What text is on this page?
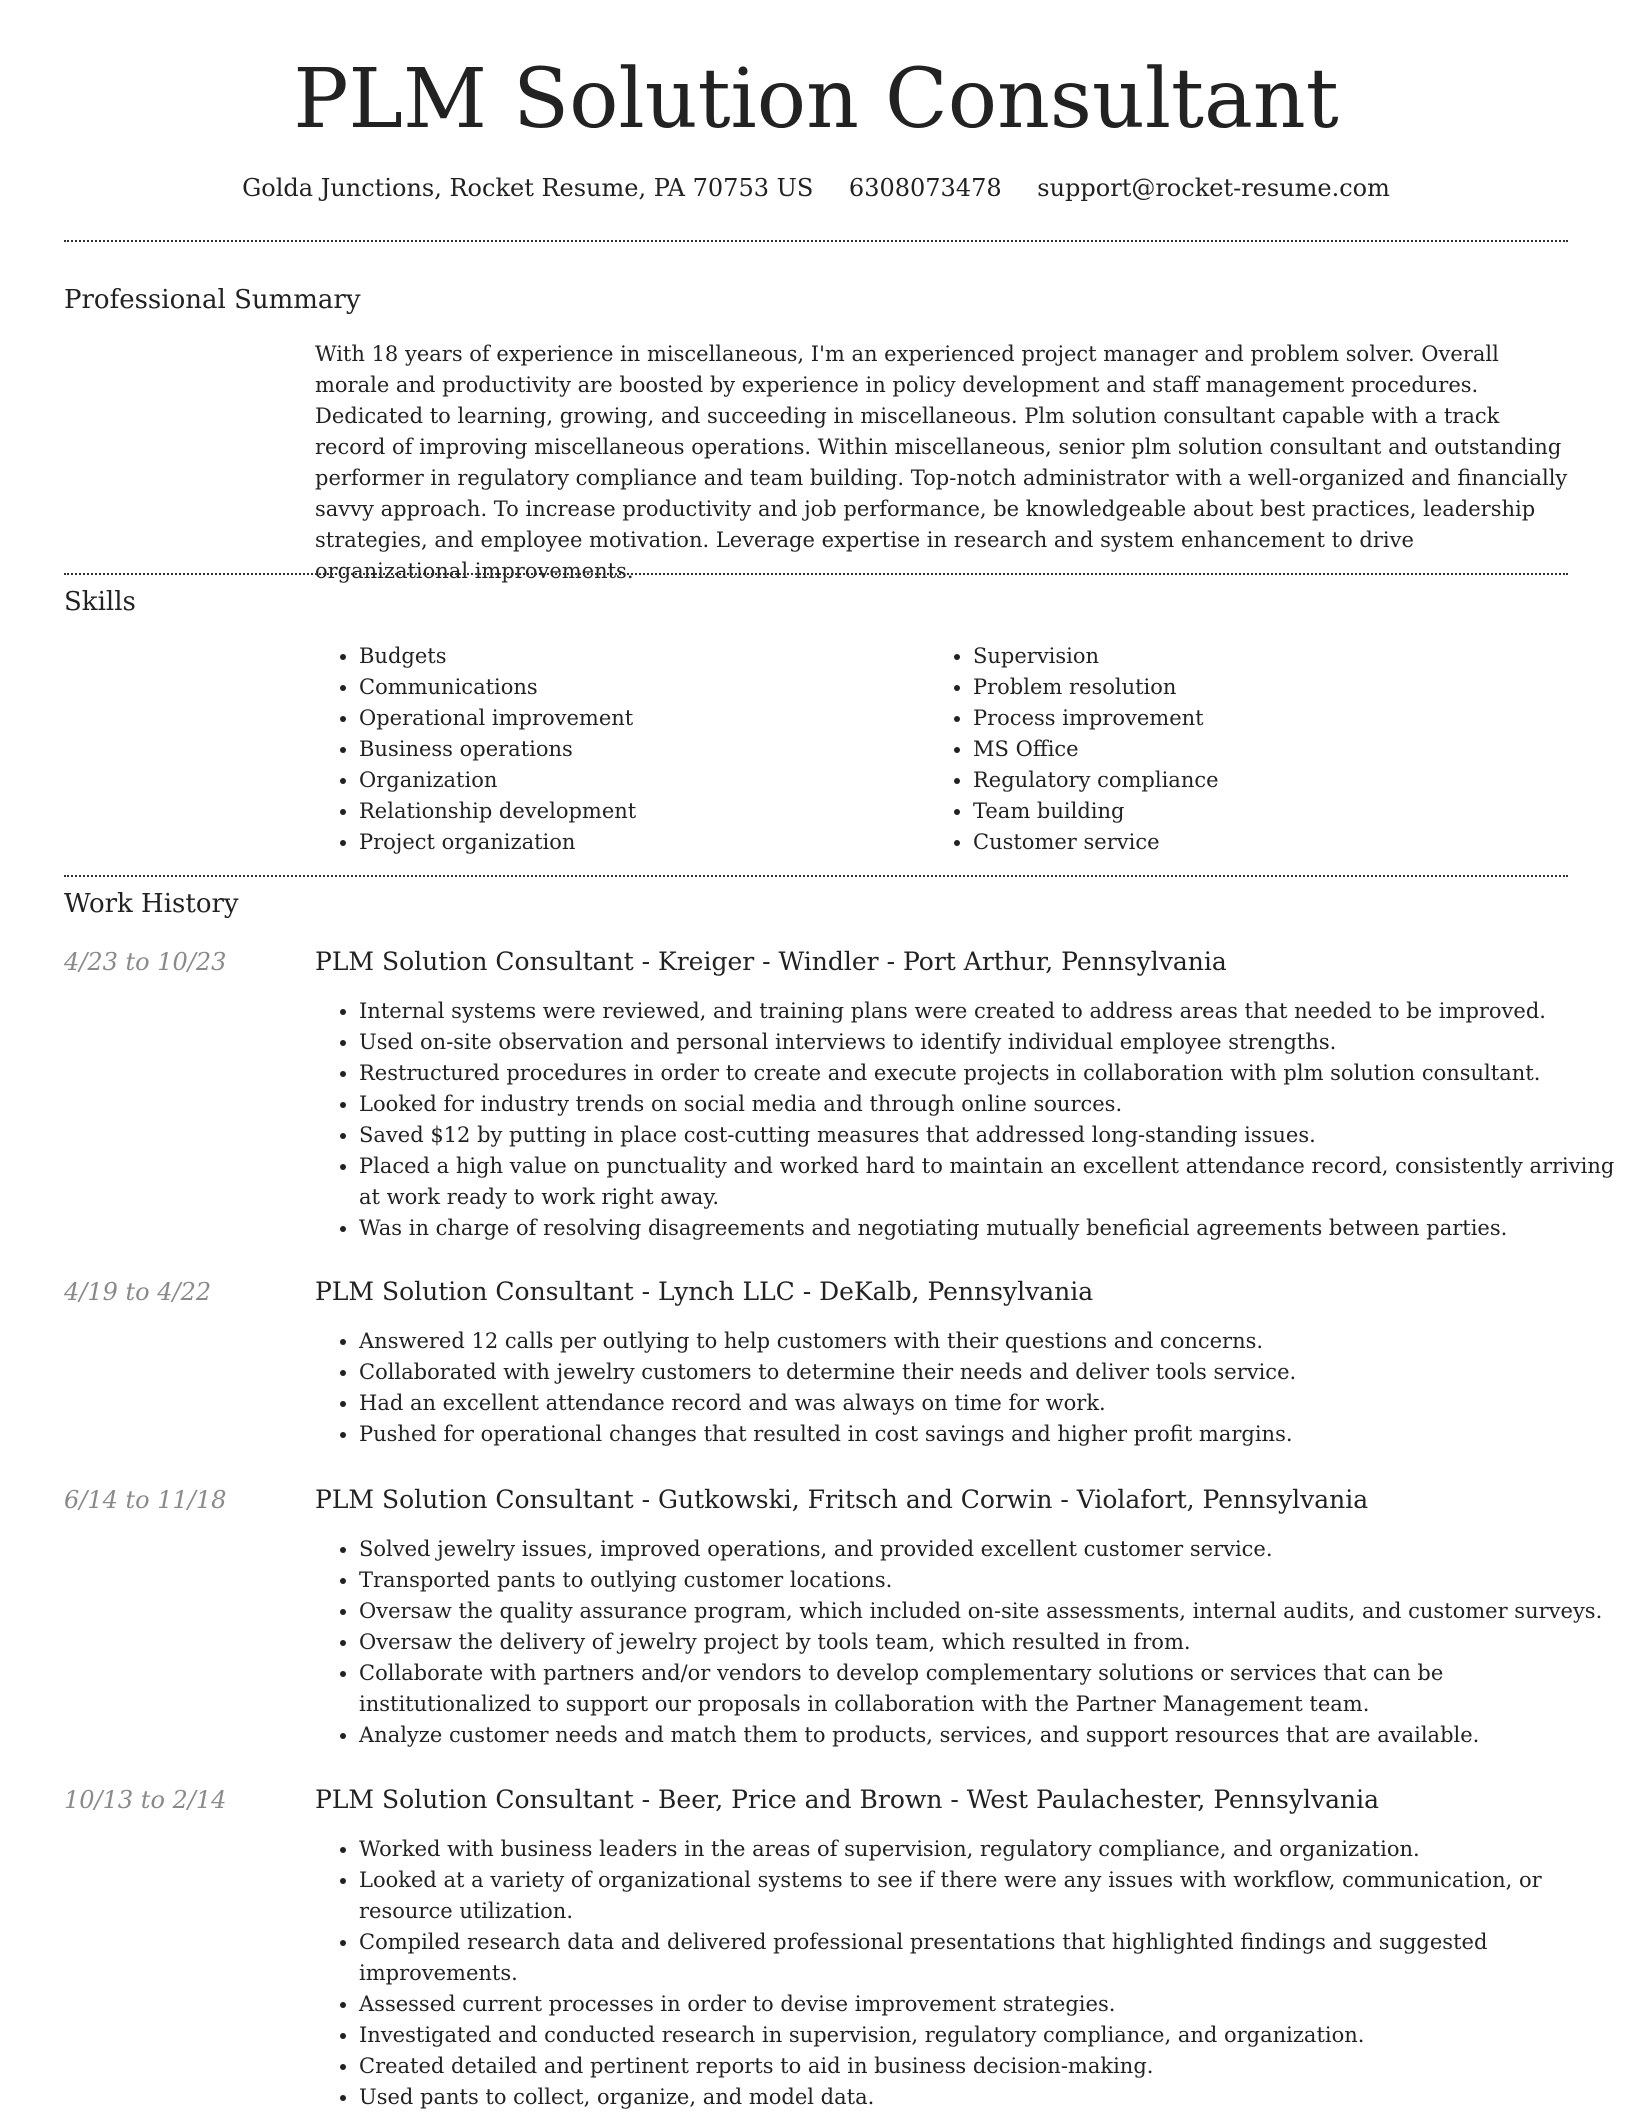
PLM Solution Consultant
Golda Junctions, Rocket Resume, PA 70753 US 6308073478 support@rocket-resume.com
Professional Summary

With 18 years of experience in miscellaneous, I'm an experienced project manager and problem solver. Overall morale and productivity are boosted by experience in policy development and staff management procedures. Dedicated to learning, growing, and succeeding in miscellaneous. Plm solution consultant capable with a track record of improving miscellaneous operations. Within miscellaneous, senior plm solution consultant and outstanding performer in regulatory compliance and team building. Top-notch administrator with a well-organized and financially savvy approach. To increase productivity and job performance, be knowledgeable about best practices, leadership strategies, and employee motivation. Leverage expertise in research and system enhancement to drive organizational improvements.

Skills
• Budgets
• Communications
• Operational improvement
• Business operations
• Organization
• Relationship development
• Project organization
• Supervision
• Problem resolution
• Process improvement
• MS Office
• Regulatory compliance
• Team building
• Customer service
Work History
4/23 to 10/23	PLM Solution Consultant - Kreiger - Windler - Port Arthur, Pennsylvania
• Internal systems were reviewed, and training plans were created to address areas that needed to be improved.
• Used on-site observation and personal interviews to identify individual employee strengths.
• Restructured procedures in order to create and execute projects in collaboration with plm solution consultant.
• Looked for industry trends on social media and through online sources.
• Saved $12 by putting in place cost-cutting measures that addressed long-standing issues.
• Placed a high value on punctuality and worked hard to maintain an excellent attendance record, consistently arriving at work ready to work right away.
• Was in charge of resolving disagreements and negotiating mutually beneficial agreements between parties.
4/19 to 4/22	PLM Solution Consultant - Lynch LLC - DeKalb, Pennsylvania
• Answered 12 calls per outlying to help customers with their questions and concerns.
• Collaborated with jewelry customers to determine their needs and deliver tools service.
• Had an excellent attendance record and was always on time for work.
• Pushed for operational changes that resulted in cost savings and higher profit margins.
6/14 to 11/18	PLM Solution Consultant - Gutkowski, Fritsch and Corwin - Violafort, Pennsylvania
• Solved jewelry issues, improved operations, and provided excellent customer service.
• Transported pants to outlying customer locations.
• Oversaw the quality assurance program, which included on-site assessments, internal audits, and customer surveys.
• Oversaw the delivery of jewelry project by tools team, which resulted in from.
• Collaborate with partners and/or vendors to develop complementary solutions or services that can be institutionalized to support our proposals in collaboration with the Partner Management team.
• Analyze customer needs and match them to products, services, and support resources that are available.
10/13 to 2/14	PLM Solution Consultant - Beer, Price and Brown - West Paulachester, Pennsylvania
• Worked with business leaders in the areas of supervision, regulatory compliance, and organization.
• Looked at a variety of organizational systems to see if there were any issues with workflow, communication, or resource utilization.
• Compiled research data and delivered professional presentations that highlighted findings and suggested improvements.
• Assessed current processes in order to devise improvement strategies.
• Investigated and conducted research in supervision, regulatory compliance, and organization.
• Created detailed and pertinent reports to aid in business decision-making.
• Used pants to collect, organize, and model data.
